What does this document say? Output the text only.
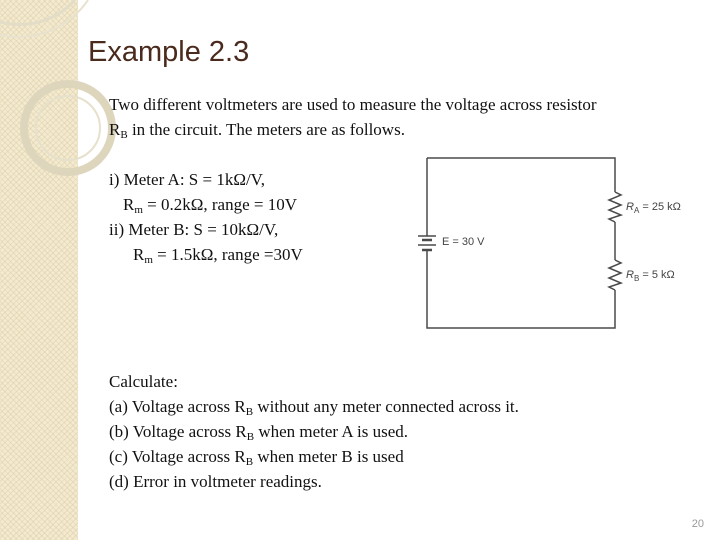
Example 2.3
Two different voltmeters are used to measure the voltage across resistor
$R_B$ in the circuit. The meters are as follows.
i) Meter A: S = 1kΩ/V,
$R_m = 0.2k\Omega$, range = 10V
ii) Meter B: S = 10kΩ/V,
$R_m = 1.5k\Omega$, range =30V
E = 30 V
$R_A = 25$ kΩ
$R_B = 5$ kΩ
Calculate:
(a) Voltage across $R_B$ without any meter connected across it.
(b) Voltage across $R_B$ when meter A is used.
(c) Voltage across $R_B$ when meter B is used
(d) Error in voltmeter readings.
20
